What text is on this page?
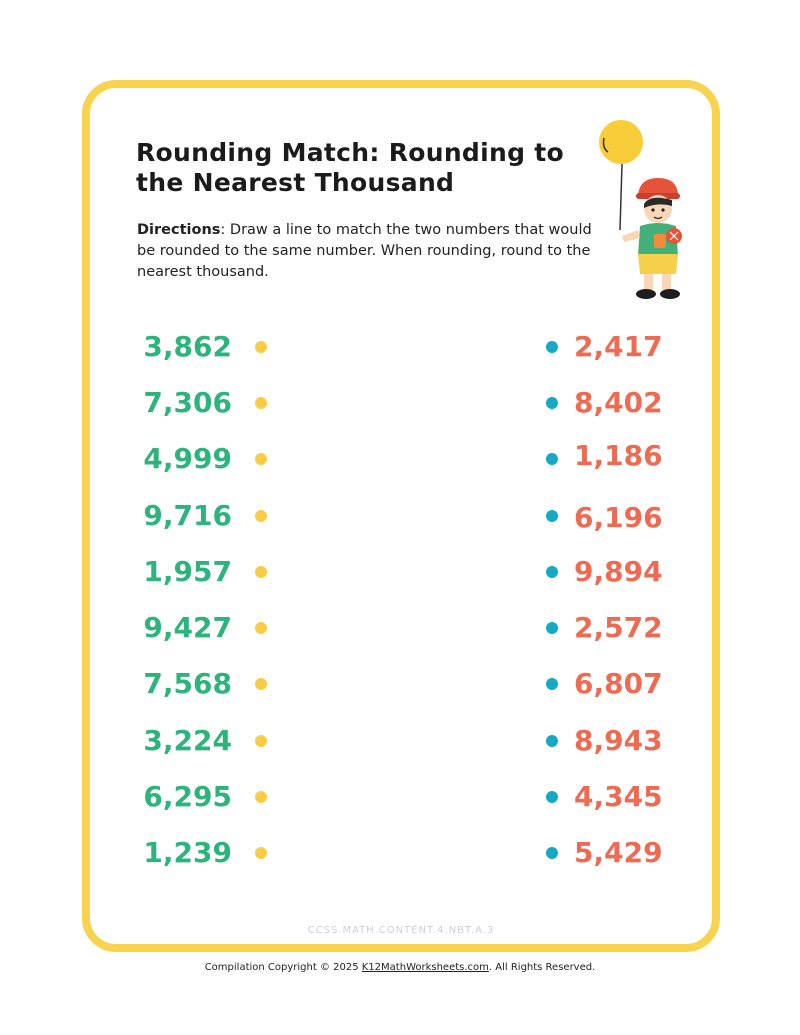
Rounding Match: Rounding to
the Nearest Thousand

Directions: Draw a line to match the two numbers that would be rounded to the same number. When rounding, round to the nearest thousand.

3,862
7,306
4,999
9,716
1,957
9,427
7,568
3,224
6,295
1,239
2,417
8,402
1,186
6,196
9,894
2,572
6,807
8,943
4,345
5,429
CCSS.MATH.CONTENT.4.NBT.A.3
Compilation Copyright © 2025 K12MathWorksheets.com. All Rights Reserved.
